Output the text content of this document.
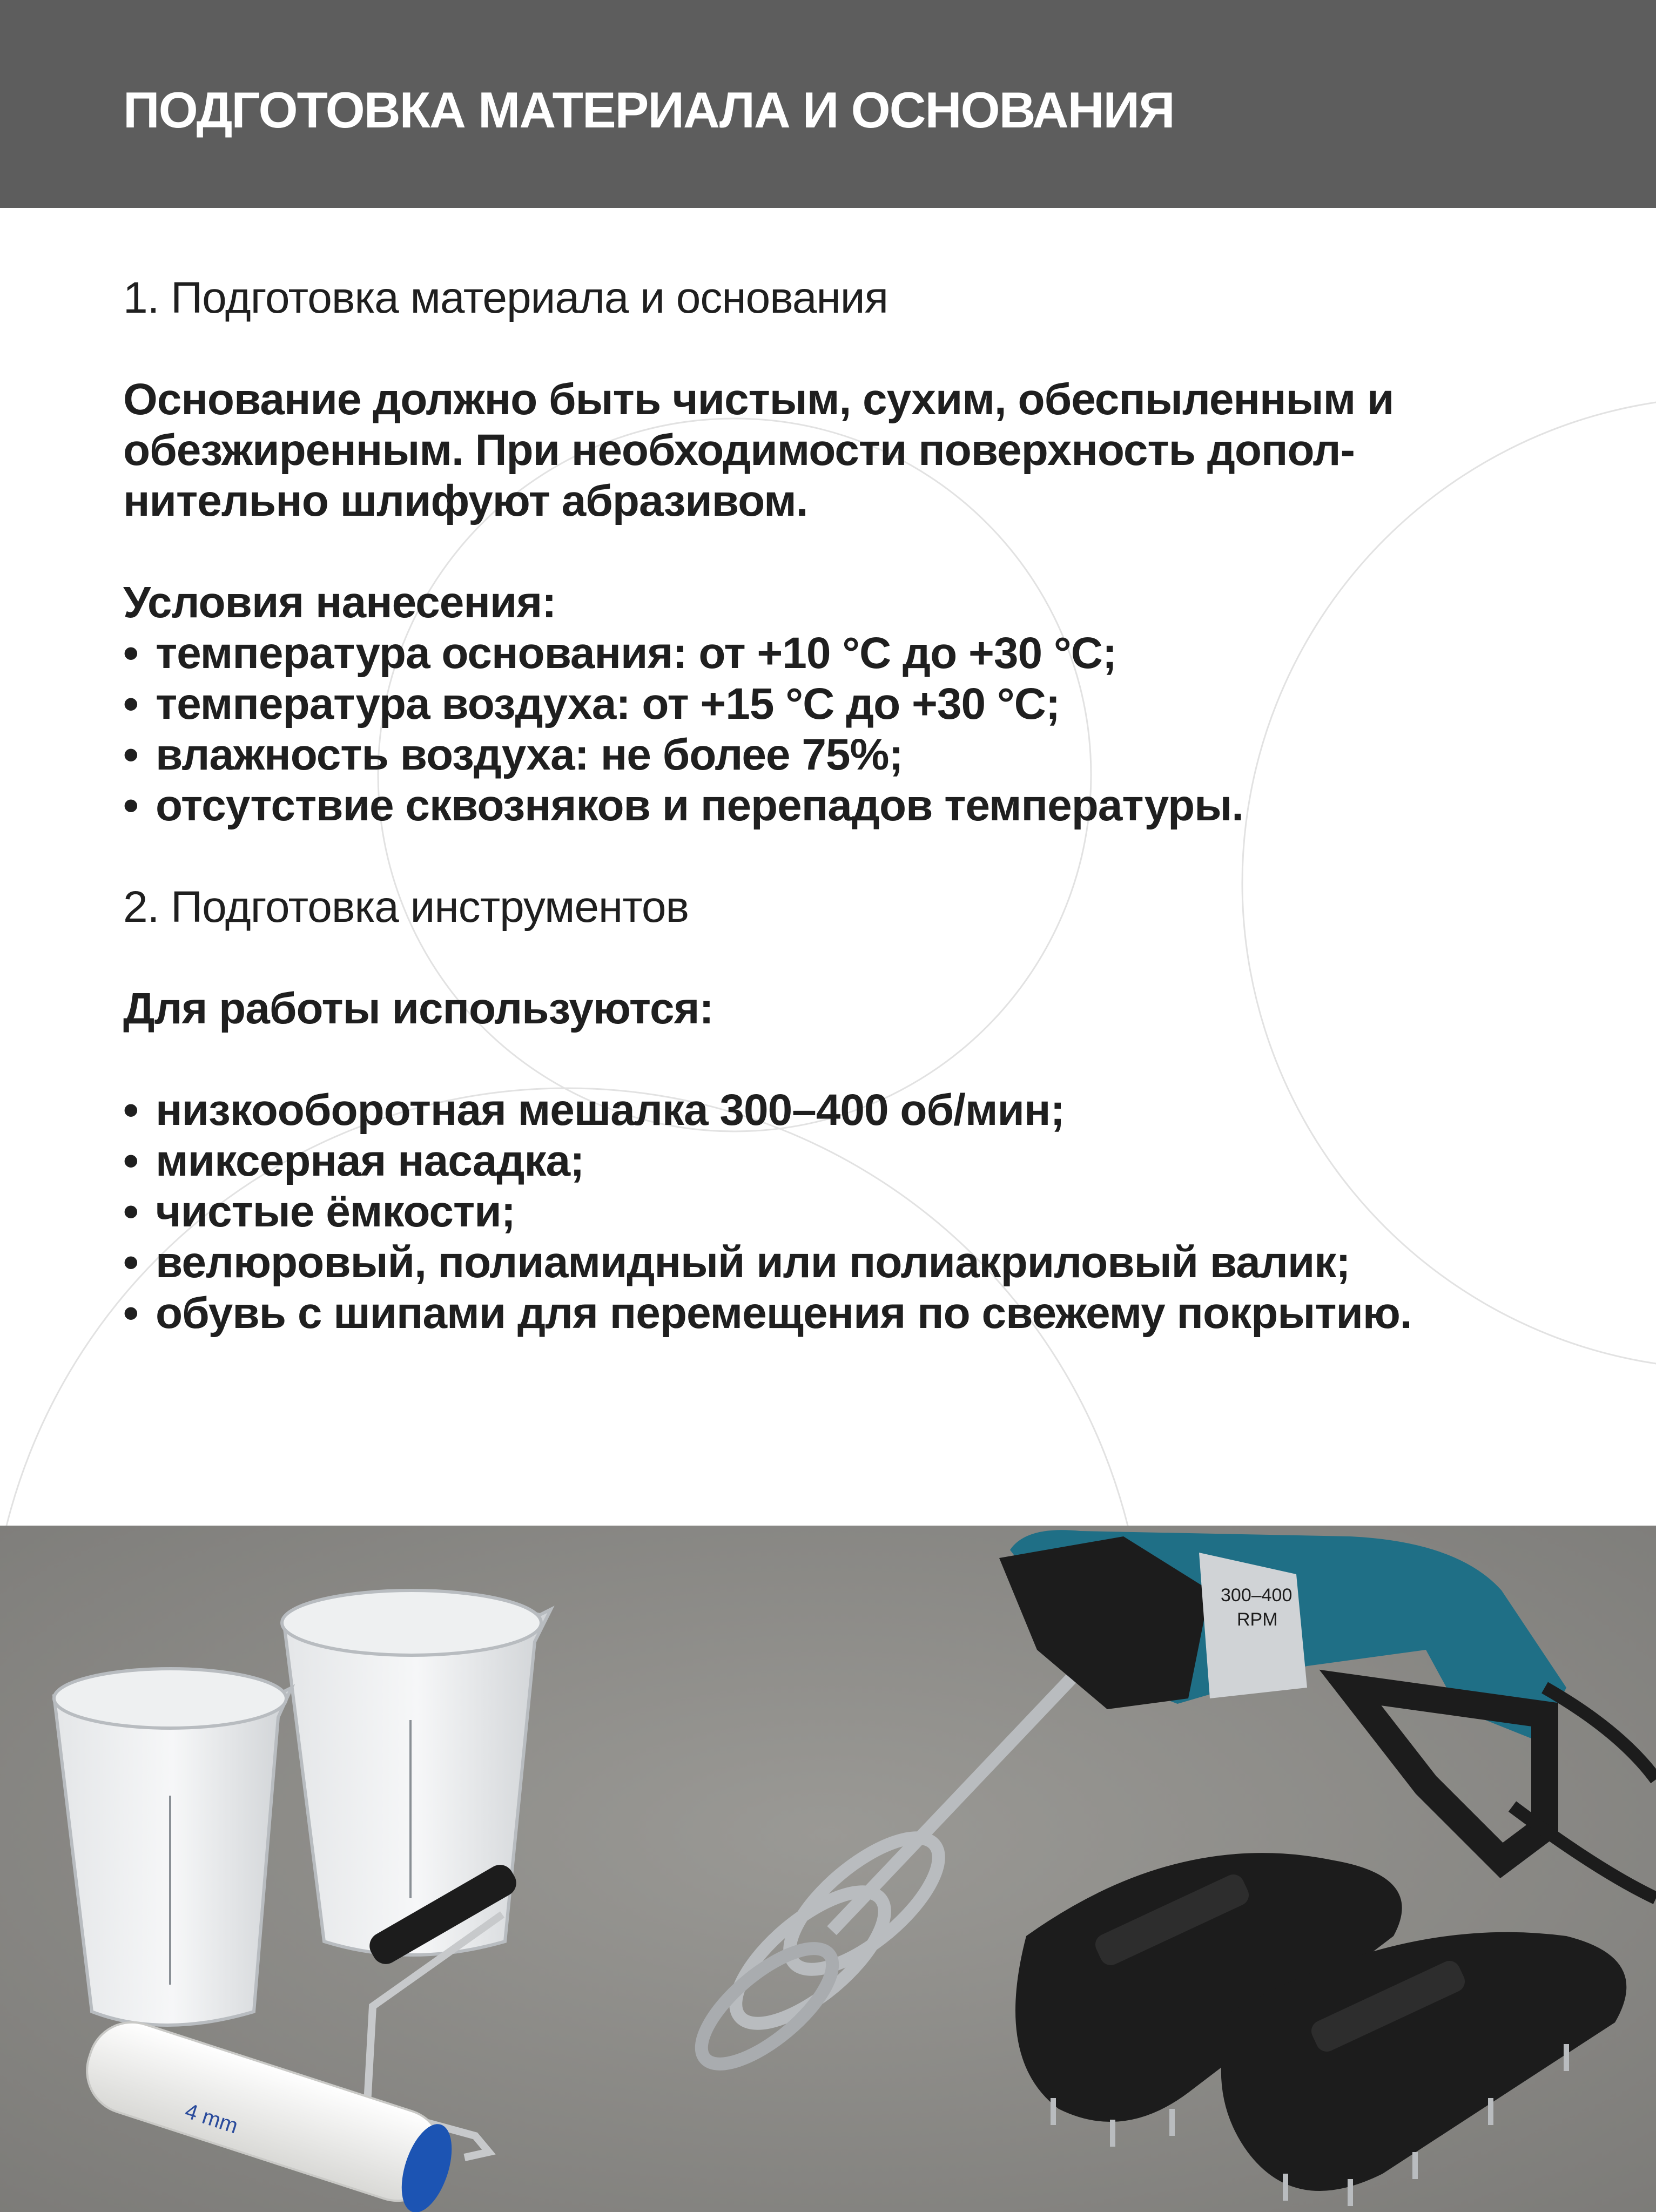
ПОДГОТОВКА МАТЕРИАЛА И ОСНОВАНИЯ

1. Подготовка материала и основания

Основание должно быть чистым, сухим, обеспыленным и

обезжиренным. При необходимости поверхность допол-

нительно шлифуют абразивом.

Условия нанесения:

• температура основания: от +10 °С до +30 °С;
• температура воздуха: от +15 °С до +30 °С;
• влажность воздуха: не более 75%;
• отсутствие сквозняков и перепадов температуры.

2. Подготовка инструментов

Для работы используются:

• низкооборотная мешалка 300–400 об/мин;
• миксерная насадка;
• чистые ёмкости;
• велюровый, полиамидный или полиакриловый валик;
• обувь с шипами для перемещения по свежему покрытию.
4 mm
300–400
RPM
